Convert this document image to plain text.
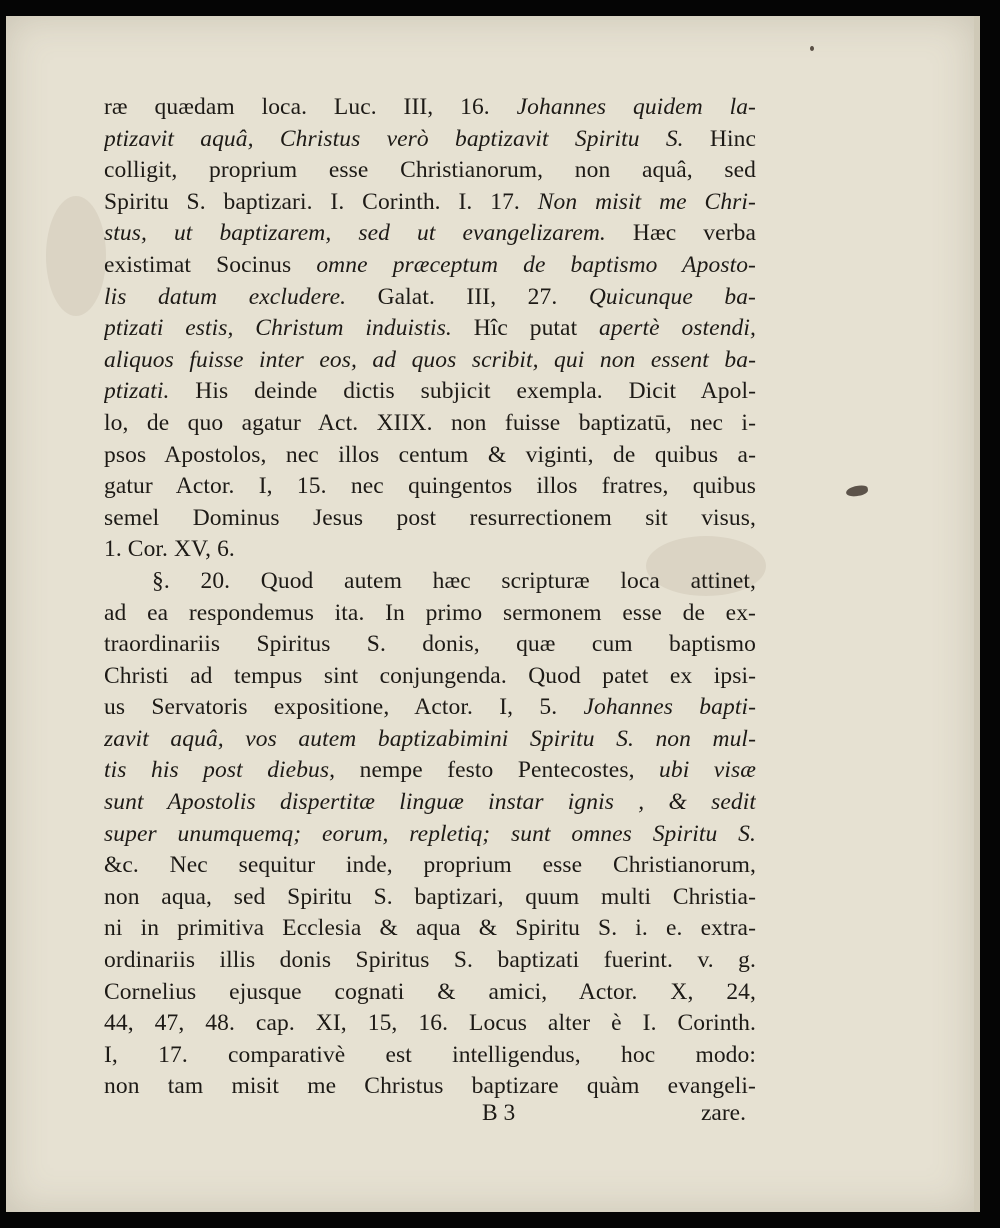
ræ quædam loca. Luc. III, 16. Johannes quidem la-
ptizavit aquâ, Christus verò baptizavit Spiritu S. Hinc
colligit, proprium esse Christianorum, non aquâ, sed
Spiritu S. baptizari. I. Corinth. I. 17. Non misit me Chri-
stus, ut baptizarem, sed ut evangelizarem. Hæc verba
existimat Socinus omne præceptum de baptismo Aposto-
lis datum excludere. Galat. III, 27. Quicunque ba-
ptizati estis, Christum induistis. Hîc putat apertè ostendi,
aliquos fuisse inter eos, ad quos scribit, qui non essent ba-
ptizati. His deinde dictis subjicit exempla. Dicit Apol-
lo, de quo agatur Act. XIIX. non fuisse baptizatū, nec i-
psos Apostolos, nec illos centum & viginti, de quibus a-
gatur Actor. I, 15. nec quingentos illos fratres, quibus
semel Dominus Jesus post resurrectionem sit visus,
1. Cor. XV, 6.
§. 20. Quod autem hæc scripturæ loca attinet,
ad ea respondemus ita. In primo sermonem esse de ex-
traordinariis Spiritus S. donis, quæ cum baptismo
Christi ad tempus sint conjungenda. Quod patet ex ipsi-
us Servatoris expositione, Actor. I, 5. Johannes bapti-
zavit aquâ, vos autem baptizabimini Spiritu S. non mul-
tis his post diebus, nempe festo Pentecostes, ubi visæ
sunt Apostolis dispertitæ linguæ instar ignis , & sedit
super unumquemq; eorum, repletiq; sunt omnes Spiritu S.
&c. Nec sequitur inde, proprium esse Christianorum,
non aqua, sed Spiritu S. baptizari, quum multi Christia-
ni in primitiva Ecclesia & aqua & Spiritu S. i. e. extra-
ordinariis illis donis Spiritus S. baptizati fuerint. v. g.
Cornelius ejusque cognati & amici, Actor. X, 24,
44, 47, 48. cap. XI, 15, 16. Locus alter è I. Corinth.
I, 17. comparativè est intelligendus, hoc modo:
non tam misit me Christus baptizare quàm evangeli-
B 3	zare.
